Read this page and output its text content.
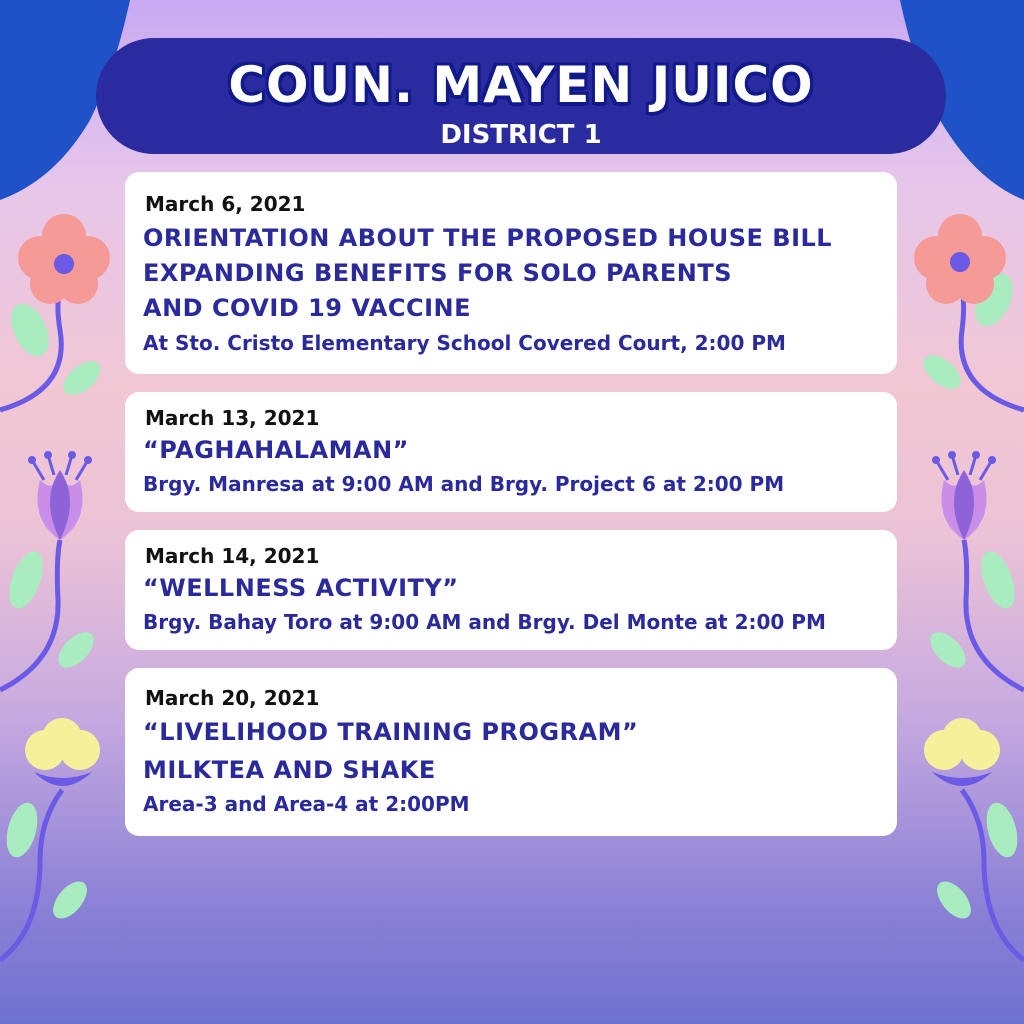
COUN. MAYEN JUICO
DISTRICT 1
March 6, 2021
ORIENTATION ABOUT THE PROPOSED HOUSE BILL
EXPANDING BENEFITS FOR SOLO PARENTS
AND COVID 19 VACCINE
At Sto. Cristo Elementary School Covered Court, 2:00 PM
March 13, 2021
“PAGHAHALAMAN”
Brgy. Manresa at 9:00 AM and Brgy. Project 6 at 2:00 PM
March 14, 2021
“WELLNESS ACTIVITY”
Brgy. Bahay Toro at 9:00 AM and Brgy. Del Monte at 2:00 PM
March 20, 2021
“LIVELIHOOD TRAINING PROGRAM”
MILKTEA AND SHAKE
Area-3 and Area-4 at 2:00PM
